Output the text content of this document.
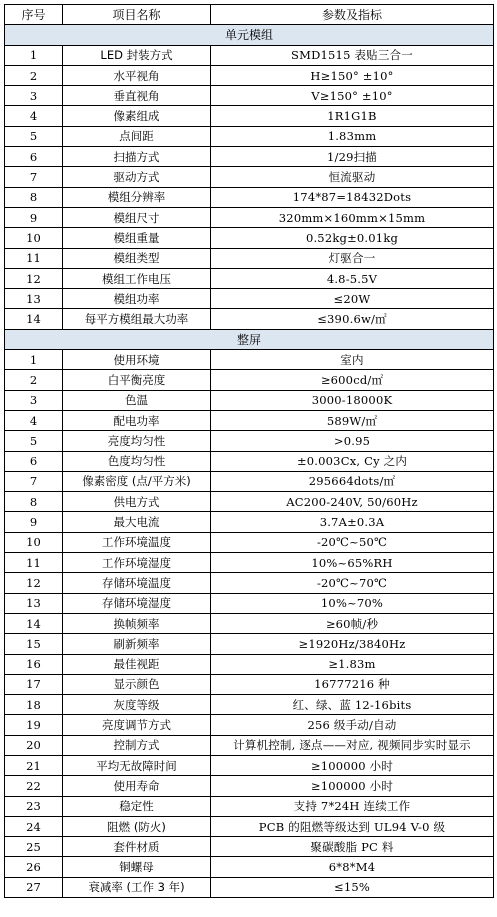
序号	项目名称	参数及指标
单元模组		
1	LED 封装方式	SMD1515 表贴三合一
2	水平视角	H≥150° ±10°
3	垂直视角	V≥150° ±10°
4	像素组成	1R1G1B
5	点间距	1.83mm
6	扫描方式	1/29扫描
7	驱动方式	恒流驱动
8	模组分辨率	174*87=18432Dots
9	模组尺寸	320mm×160mm×15mm
10	模组重量	0.52kg±0.01kg
11	模组类型	灯驱合一
12	模组工作电压	4.8-5.5V
13	模组功率	≤20W
14	每平方模组最大功率	≤390.6w/㎡
整屏		
1	使用环境	室内
2	白平衡亮度	≥600cd/㎡
3	色温	3000-18000K
4	配电功率	589W/㎡
5	亮度均匀性	>0.95
6	色度均匀性	±0.003Cx, Cy 之内
7	像素密度 (点/平方米)	295664dots/㎡
8	供电方式	AC200-240V, 50/60Hz
9	最大电流	3.7A±0.3A
10	工作环境温度	-20℃~50℃
11	工作环境湿度	10%~65%RH
12	存储环境温度	-20℃~70℃
13	存储环境湿度	10%~70%
14	换帧频率	≥60帧/秒
15	刷新频率	≥1920Hz/3840Hz
16	最佳视距	≥1.83m
17	显示颜色	16777216 种
18	灰度等级	红、绿、蓝 12-16bits
19	亮度调节方式	256 级手动/自动
20	控制方式	计算机控制, 逐点——对应, 视频同步实时显示
21	平均无故障时间	≥100000 小时
22	使用寿命	≥100000 小时
23	稳定性	支持 7*24H 连续工作
24	阻燃 (防火)	PCB 的阻燃等级达到 UL94 V-0 级
25	套件材质	聚碳酸脂 PC 料
26	铜螺母	6*8*M4
27	衰减率 (工作 3 年)	≤15%
